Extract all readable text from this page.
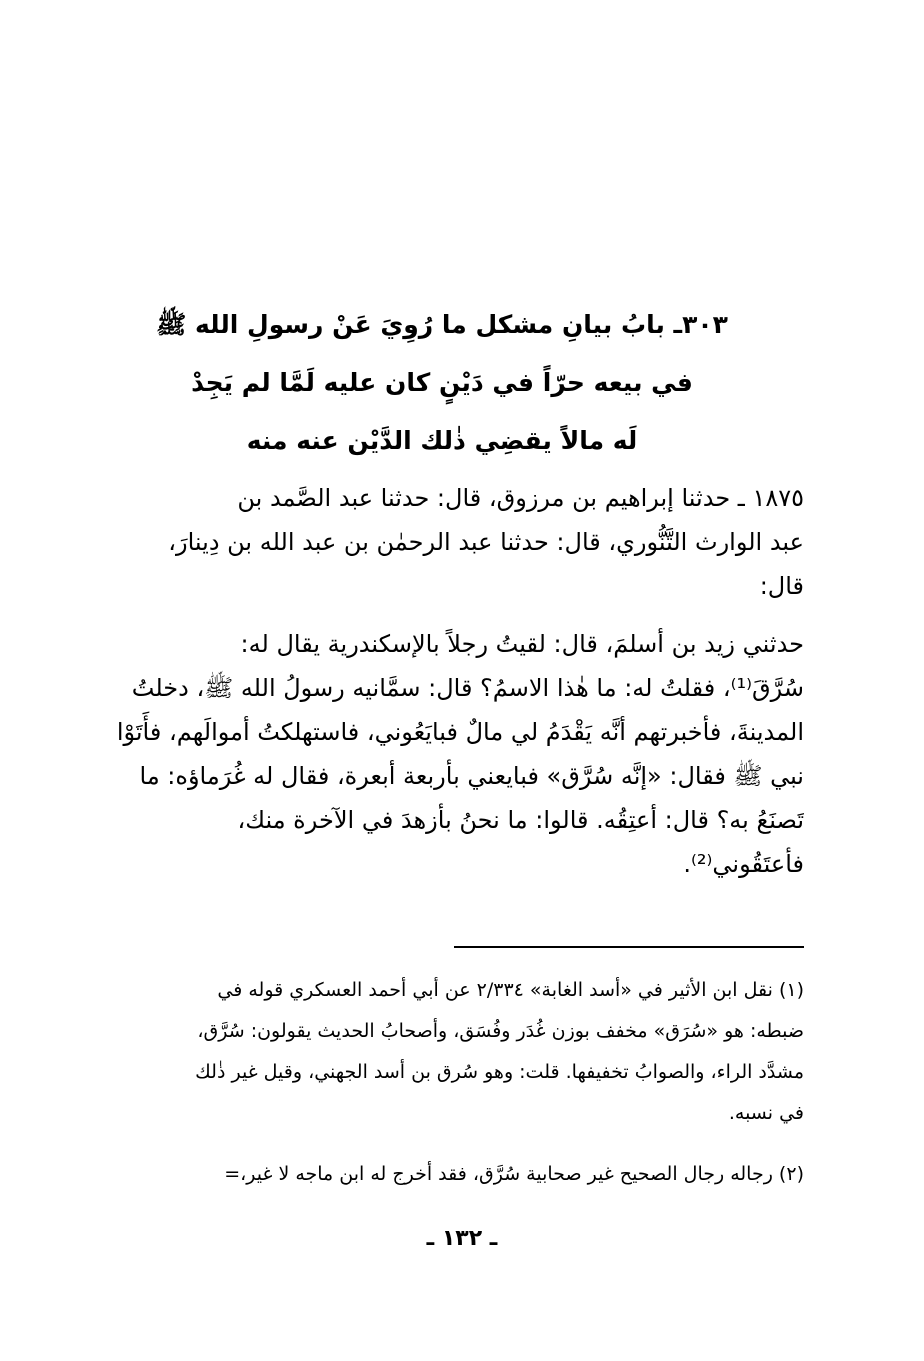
٣٠٣ـ بابُ بيانِ مشكل ما رُوِيَ عَنْ رسولِ الله ﷺ
في بيعه حرّاً في دَيْنٍ كان عليه لَمَّا لم يَجِدْ
لَه مالاً يقضِي ذٰلك الدَّيْن عنه منه
١٨٧٥ ـ حدثنا إبراهيم بن مرزوق، قال: حدثنا عبد الصَّمد بن
عبد الوارث التَّنُّوري، قال: حدثنا عبد الرحمٰن بن عبد الله بن دِينارَ،
قال:
حدثني زيد بن أسلمَ، قال: لقيتُ رجلاً بالإسكندرية يقال له:
سُرَّقَ⁽¹⁾، فقلتُ له: ما هٰذا الاسمُ؟ قال: سمَّانيه رسولُ الله ﷺ، دخلتُ
المدينةَ، فأخبرتهم أنَّه يَقْدَمُ لي مالٌ فبايَعُوني، فاستهلكتُ أموالَهم، فأَتَوْا
نبي ﷺ فقال: «إنَّه سُرَّق» فبايعني بأربعة أبعرة، فقال له غُرَماؤه: ما
تَصنَعُ به؟ قال: أعتِقُه. قالوا: ما نحنُ بأزهدَ في الآخرة منك،
فأعتَقُوني⁽²⁾.
(١) نقل ابن الأثير في «أسد الغابة» ٢/٣٣٤ عن أبي أحمد العسكري قوله في
ضبطه: هو «سُرَق» مخفف بوزن غُدَر وفُسَق، وأصحابُ الحديث يقولون: سُرَّق،
مشدَّد الراء، والصوابُ تخفيفها. قلت: وهو سُرق بن أسد الجهني، وقيل غير ذٰلك
في نسبه.
(٢) رجاله رجال الصحيح غير صحابية سُرَّق، فقد أخرج له ابن ماجه لا غير،=
ـ ١٣٢ ـ
